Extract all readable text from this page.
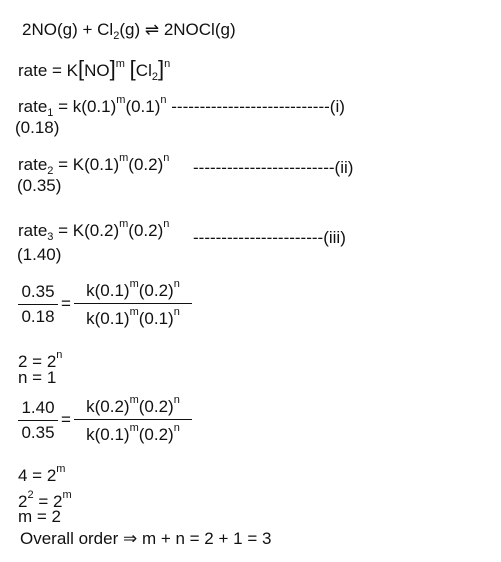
$2NO(g) + Cl_2(g)$ ⇌ 2NOCl(g)
rate = K[NO]$^m$ $[Cl_2]^n$
rate$_1$ = $k(0.1)^m(0.1)^n$ ----------------------------(i)
(0.18)
rate$_2$ = $K(0.1)^m(0.2)^n$ -------------------------(ii)
(0.35)
rate$_3$ = $K(0.2)^m(0.2)^n$
-----------------------(iii)
(1.40)
0.35
0.18
=
$k(0.1)^m(0.2)^n$
$k(0.1)^m(0.1)^n$
$2 = 2^n$
n = 1
1.40
0.35
=
$k(0.2)^m(0.2)^n$
$k(0.1)^m(0.2)^n$
$4 = 2^m$
$2^2 = 2^m$
m = 2
Overall order ⇒ m + n = 2 + 1 = 3
